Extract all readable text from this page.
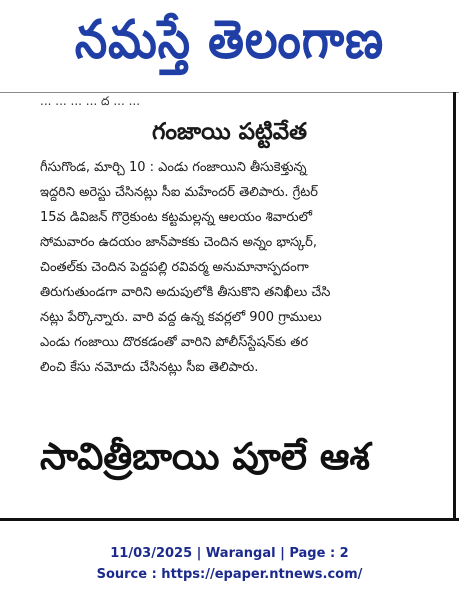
నమస్తే తెలంగాణ
... ... ... ... ద ... ...
గంజాయి పట్టివేత
గీసుగొండ, మార్చి 10 : ఎండు గంజాయిని తీసుకెళ్తున్న
ఇద్దరిని అరెస్టు చేసినట్లు సీఐ మహేందర్ తెలిపారు. గ్రేటర్
15వ డివిజన్ గొర్రెకుంట కట్టమల్లన్న ఆలయం శివారులో
సోమవారం ఉదయం జాన్‌పాకకు చెందిన అన్నం భాస్కర్,
చింతల్‌కు చెందిన పెద్దపల్లి రవివర్మ అనుమానాస్పదంగా
తిరుగుతుండగా వారిని అదుపులోకి తీసుకొని తనిఖీలు చేసి
నట్లు పేర్కొన్నారు. వారి వద్ద ఉన్న కవర్లలో 900 గ్రాములు
ఎండు గంజాయి దొరకడంతో వారిని పోలీస్‌స్టేషన్‌కు తర
లించి కేసు నమోదు చేసినట్లు సీఐ తెలిపారు.
సావిత్రీబాయి పూలే ఆశ
11/03/2025 | Warangal | Page : 2
Source : https://epaper.ntnews.com/
